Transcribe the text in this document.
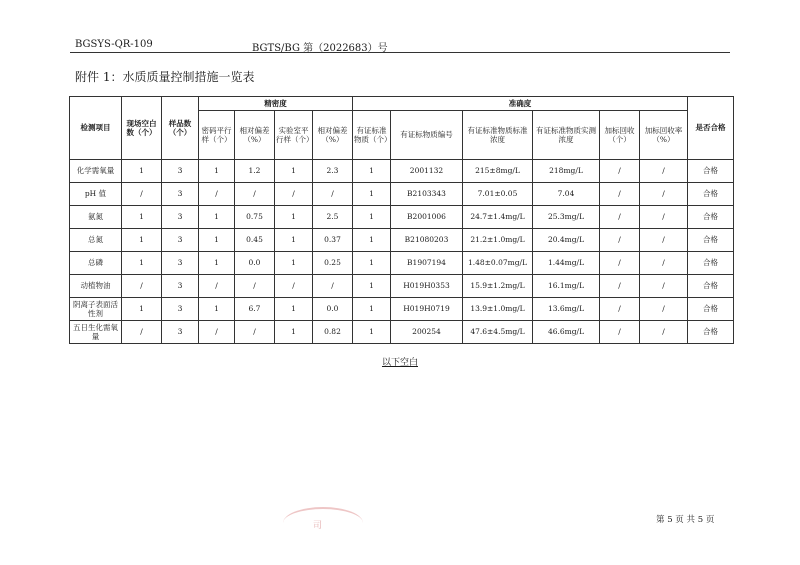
BGSYS-QR-109	BGTS/BG 第（2022683）号
附件 1：水质质量控制措施一览表
检测项目	现场空白数（个）	样品数（个）	精密度				准确度						是否合格
			密码平行样（个）	相对偏差（%）	实验室平行样（个）	相对偏差（%）	有证标准物质（个）	有证标物质编号	有证标准物质标准浓度	有证标准物质实测浓度	加标回收（个）	加标回收率（%）	
化学需氧量	1	3	1	1.2	1	2.3	1	2001132	215±8mg/L	218mg/L	/	/	合格
pH 值	/	3	/	/	/	/	1	B2103343	7.01±0.05	7.04	/	/	合格
氨氮	1	3	1	0.75	1	2.5	1	B2001006	24.7±1.4mg/L	25.3mg/L	/	/	合格
总氮	1	3	1	0.45	1	0.37	1	B21080203	21.2±1.0mg/L	20.4mg/L	/	/	合格
总磷	1	3	1	0.0	1	0.25	1	B1907194	1.48±0.07mg/L	1.44mg/L	/	/	合格
动植物油	/	3	/	/	/	/	1	H019H0353	15.9±1.2mg/L	16.1mg/L	/	/	合格
阴离子表面活性剂	1	3	1	6.7	1	0.0	1	H019H0719	13.9±1.0mg/L	13.6mg/L	/	/	合格
五日生化需氧量	/	3	/	/	1	0.82	1	200254	47.6±4.5mg/L	46.6mg/L	/	/	合格
以下空白
司
第 5 页 共 5 页
